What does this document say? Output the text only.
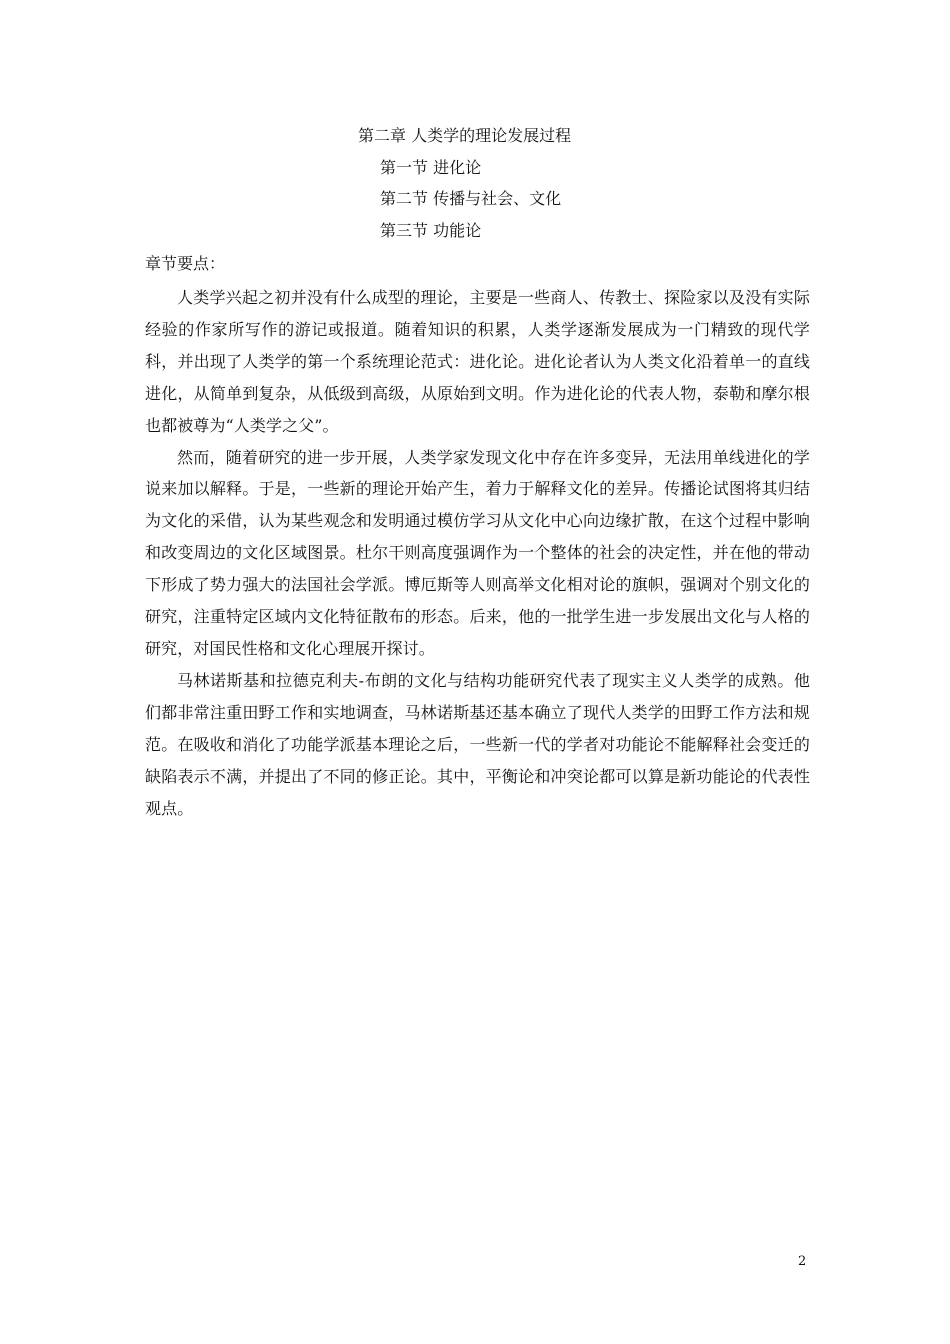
第二章 人类学的理论发展过程
第一节 进化论
第二节 传播与社会、文化
第三节 功能论
章节要点：

人类学兴起之初并没有什么成型的理论，主要是一些商人、传教士、探险家以及没有实际经验的作家所写作的游记或报道。随着知识的积累，人类学逐渐发展成为一门精致的现代学科，并出现了人类学的第一个系统理论范式：进化论。进化论者认为人类文化沿着单一的直线进化，从简单到复杂，从低级到高级，从原始到文明。作为进化论的代表人物，泰勒和摩尔根也都被尊为“人类学之父”。

然而，随着研究的进一步开展，人类学家发现文化中存在许多变异，无法用单线进化的学说来加以解释。于是，一些新的理论开始产生，着力于解释文化的差异。传播论试图将其归结为文化的采借，认为某些观念和发明通过模仿学习从文化中心向边缘扩散，在这个过程中影响和改变周边的文化区域图景。杜尔干则高度强调作为一个整体的社会的决定性，并在他的带动下形成了势力强大的法国社会学派。博厄斯等人则高举文化相对论的旗帜，强调对个别文化的研究，注重特定区域内文化特征散布的形态。后来，他的一批学生进一步发展出文化与人格的研究，对国民性格和文化心理展开探讨。

马林诺斯基和拉德克利夫-布朗的文化与结构功能研究代表了现实主义人类学的成熟。他们都非常注重田野工作和实地调查，马林诺斯基还基本确立了现代人类学的田野工作方法和规范。在吸收和消化了功能学派基本理论之后，一些新一代的学者对功能论不能解释社会变迁的缺陷表示不满，并提出了不同的修正论。其中，平衡论和冲突论都可以算是新功能论的代表性观点。

2
